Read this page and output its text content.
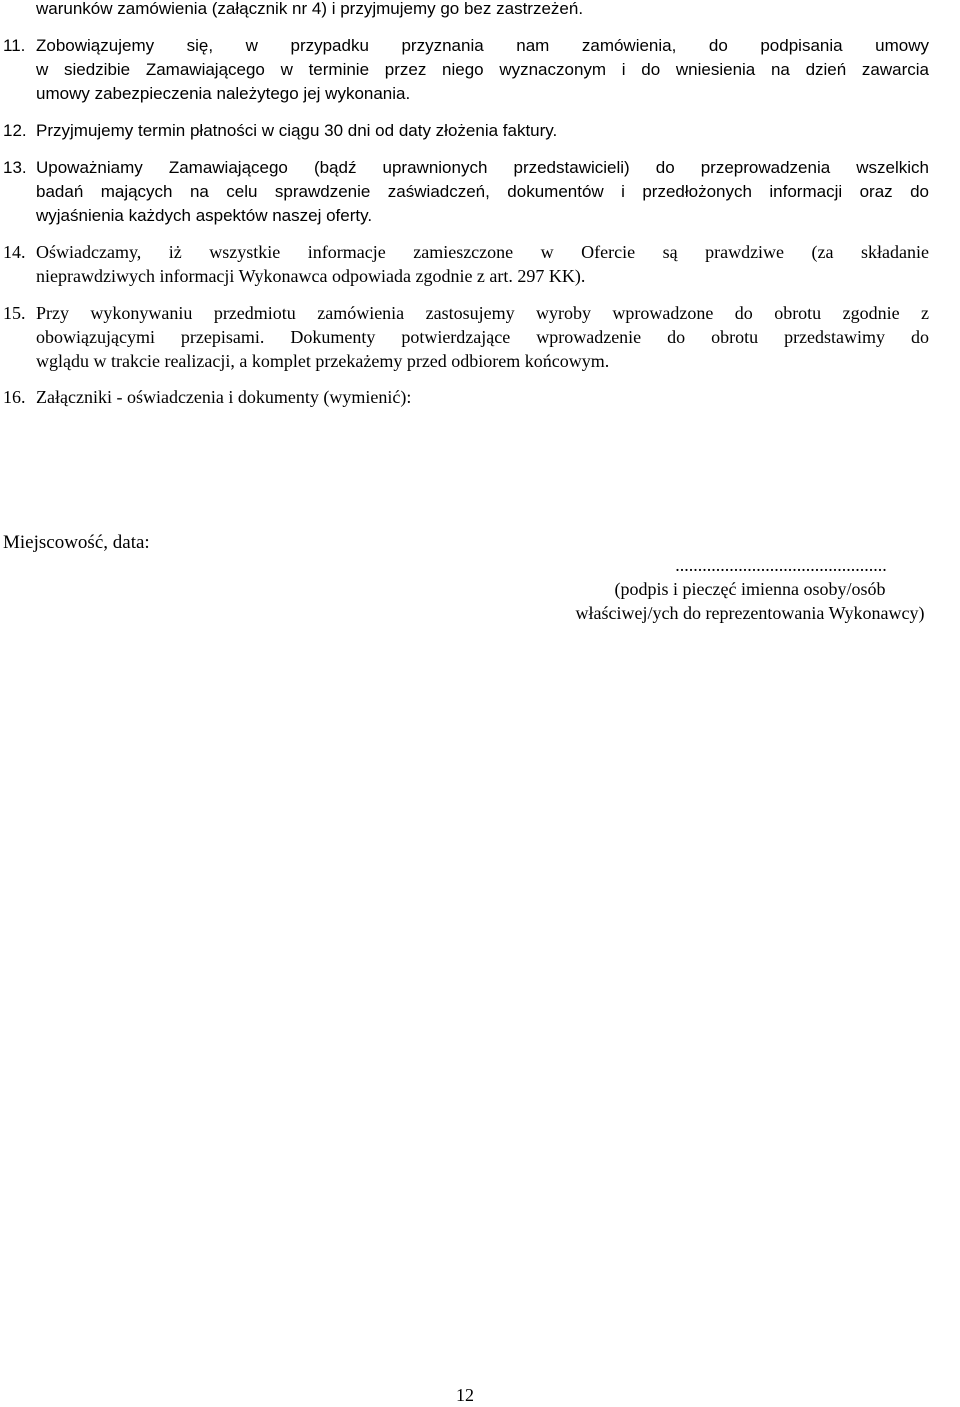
warunków zamówienia (załącznik nr 4) i przyjmujemy go bez zastrzeżeń.

11. Zobowiązujemy się, w przypadku przyznania nam zamówienia, do podpisania umowy
w siedzibie Zamawiającego w terminie przez niego wyznaczonym i do wniesienia na dzień zawarcia
umowy zabezpieczenia należytego jej wykonania.
12. Przyjmujemy termin płatności w ciągu 30 dni od daty złożenia faktury.
13. Upoważniamy Zamawiającego (bądź uprawnionych przedstawicieli) do przeprowadzenia wszelkich
badań mających na celu sprawdzenie zaświadczeń, dokumentów i przedłożonych informacji oraz do
wyjaśnienia każdych aspektów naszej oferty.
14. Oświadczamy, iż wszystkie informacje zamieszczone w Ofercie są prawdziwe (za składanie
nieprawdziwych informacji Wykonawca odpowiada zgodnie z art. 297 KK).
15. Przy wykonywaniu przedmiotu zamówienia zastosujemy wyroby wprowadzone do obrotu zgodnie z
obowiązującymi przepisami. Dokumenty potwierdzające wprowadzenie do obrotu przedstawimy do
wglądu w trakcie realizacji, a komplet przekażemy przed odbiorem końcowym.
16. Załączniki - oświadczenia i dokumenty (wymienić):

Miejscowość, data:

...............................................
(podpis i pieczęć imienna osoby/osób
właściwej/ych do reprezentowania Wykonawcy)
12
